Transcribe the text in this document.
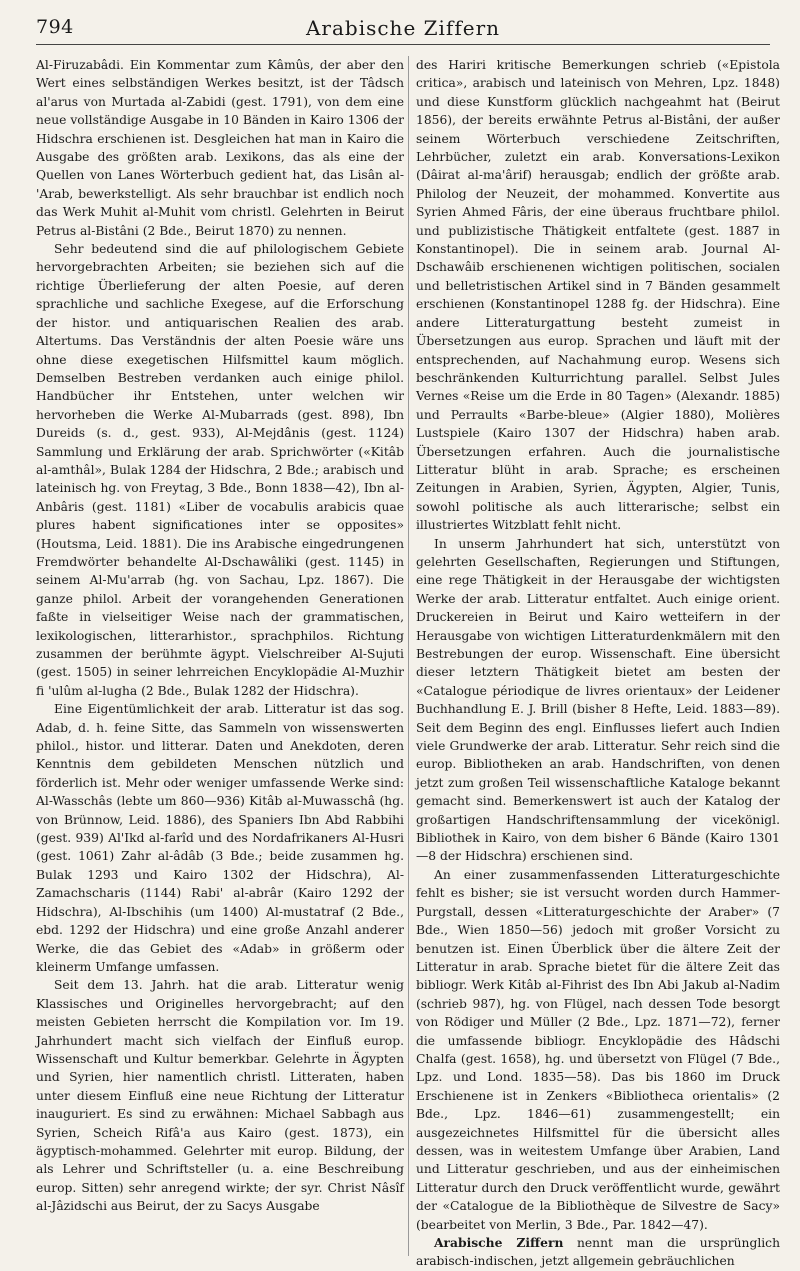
794	Arabische Ziffern

Al-Firuzabâdi. Ein Kommentar zum Kâmûs, der aber den Wert eines selbständigen Werkes besitzt, ist der Tâdsch al'arus von Murtada al-Zabidi (gest. 1791), von dem eine neue vollständige Ausgabe in 10 Bänden in Kairo 1306 der Hidschra erschienen ist. Desgleichen hat man in Kairo die Ausgabe des größten arab. Lexikons, das als eine der Quellen von Lanes Wörterbuch gedient hat, das Lisân al-'Arab, bewerkstelligt. Als sehr brauchbar ist endlich noch das Werk Muhit al-Muhit vom christl. Gelehrten in Beirut Petrus al-Bistâni (2 Bde., Beirut 1870) zu nennen.

Sehr bedeutend sind die auf philologischem Gebiete hervorgebrachten Arbeiten; sie beziehen sich auf die richtige Überlieferung der alten Poesie, auf deren sprachliche und sachliche Exegese, auf die Erforschung der histor. und antiquarischen Realien des arab. Altertums. Das Verständnis der alten Poesie wäre uns ohne diese exegetischen Hilfsmittel kaum möglich. Demselben Bestreben verdanken auch einige philol. Handbücher ihr Entstehen, unter welchen wir hervorheben die Werke Al-Mubarrads (gest. 898), Ibn Dureids (s. d., gest. 933), Al-Mejdânis (gest. 1124) Sammlung und Erklärung der arab. Sprichwörter («Kitâb al-amthâl», Bulak 1284 der Hidschra, 2 Bde.; arabisch und lateinisch hg. von Freytag, 3 Bde., Bonn 1838—42), Ibn al-Anbâris (gest. 1181) «Liber de vocabulis arabicis quae plures habent significationes inter se opposites» (Houtsma, Leid. 1881). Die ins Arabische eingedrungenen Fremdwörter behandelte Al-Dschawâliki (gest. 1145) in seinem Al-Mu'arrab (hg. von Sachau, Lpz. 1867). Die ganze philol. Arbeit der vorangehenden Generationen faßte in vielseitiger Weise nach der grammatischen, lexikologischen, litterarhistor., sprachphilos. Richtung zusammen der berühmte ägypt. Vielschreiber Al-Sujuti (gest. 1505) in seiner lehrreichen Encyklopädie Al-Muzhir fi 'ulûm al-lugha (2 Bde., Bulak 1282 der Hidschra).

Eine Eigentümlichkeit der arab. Litteratur ist das sog. Adab, d. h. feine Sitte, das Sammeln von wissenswerten philol., histor. und litterar. Daten und Anekdoten, deren Kenntnis dem gebildeten Menschen nützlich und förderlich ist. Mehr oder weniger umfassende Werke sind: Al-Wasschâs (lebte um 860—936) Kitâb al-Muwasschâ (hg. von Brünnow, Leid. 1886), des Spaniers Ibn Abd Rabbihi (gest. 939) Al'Ikd al-farîd und des Nordafrikaners Al-Husri (gest. 1061) Zahr al-âdâb (3 Bde.; beide zusammen hg. Bulak 1293 und Kairo 1302 der Hidschra), Al-Zamachscharis (1144) Rabi' al-abrâr (Kairo 1292 der Hidschra), Al-Ibschihis (um 1400) Al-mustatraf (2 Bde., ebd. 1292 der Hidschra) und eine große Anzahl anderer Werke, die das Gebiet des «Adab» in größerm oder kleinerm Umfange umfassen.

Seit dem 13. Jahrh. hat die arab. Litteratur wenig Klassisches und Originelles hervorgebracht; auf den meisten Gebieten herrscht die Kompilation vor. Im 19. Jahrhundert macht sich vielfach der Einfluß europ. Wissenschaft und Kultur bemerkbar. Gelehrte in Ägypten und Syrien, hier namentlich christl. Litteraten, haben unter diesem Einfluß eine neue Richtung der Litteratur inauguriert. Es sind zu erwähnen: Michael Sabbagh aus Syrien, Scheich Rifâ'a aus Kairo (gest. 1873), ein ägyptisch-mohammed. Gelehrter mit europ. Bildung, der als Lehrer und Schriftsteller (u. a. eine Beschreibung europ. Sitten) sehr anregend wirkte; der syr. Christ Nâsîf al-Jâzidschi aus Beirut, der zu Sacys Ausgabe

des Hariri kritische Bemerkungen schrieb («Epistola critica», arabisch und lateinisch von Mehren, Lpz. 1848) und diese Kunstform glücklich nachgeahmt hat (Beirut 1856), der bereits erwähnte Petrus al-Bistâni, der außer seinem Wörterbuch verschiedene Zeitschriften, Lehrbücher, zuletzt ein arab. Konversations-Lexikon (Dâirat al-ma'ârif) herausgab; endlich der größte arab. Philolog der Neuzeit, der mohammed. Konvertite aus Syrien Ahmed Fâris, der eine überaus fruchtbare philol. und publizistische Thätigkeit entfaltete (gest. 1887 in Konstantinopel). Die in seinem arab. Journal Al-Dschawâib erschienenen wichtigen politischen, socialen und belletristischen Artikel sind in 7 Bänden gesammelt erschienen (Konstantinopel 1288 fg. der Hidschra). Eine andere Litteraturgattung besteht zumeist in Übersetzungen aus europ. Sprachen und läuft mit der entsprechenden, auf Nachahmung europ. Wesens sich beschränkenden Kulturrichtung parallel. Selbst Jules Vernes «Reise um die Erde in 80 Tagen» (Alexandr. 1885) und Perraults «Barbe-bleue» (Algier 1880), Molières Lustspiele (Kairo 1307 der Hidschra) haben arab. Übersetzungen erfahren. Auch die journalistische Litteratur blüht in arab. Sprache; es erscheinen Zeitungen in Arabien, Syrien, Ägypten, Algier, Tunis, sowohl politische als auch litterarische; selbst ein illustriertes Witzblatt fehlt nicht.

In unserm Jahrhundert hat sich, unterstützt von gelehrten Gesellschaften, Regierungen und Stiftungen, eine rege Thätigkeit in der Herausgabe der wichtigsten Werke der arab. Litteratur entfaltet. Auch einige orient. Druckereien in Beirut und Kairo wetteifern in der Herausgabe von wichtigen Litteraturdenkmälern mit den Bestrebungen der europ. Wissenschaft. Eine übersicht dieser letztern Thätigkeit bietet am besten der «Catalogue périodique de livres orientaux» der Leidener Buchhandlung E. J. Brill (bisher 8 Hefte, Leid. 1883—89). Seit dem Beginn des engl. Einflusses liefert auch Indien viele Grundwerke der arab. Litteratur. Sehr reich sind die europ. Bibliotheken an arab. Handschriften, von denen jetzt zum großen Teil wissenschaftliche Kataloge bekannt gemacht sind. Bemerkenswert ist auch der Katalog der großartigen Handschriftensammlung der vicekönigl. Bibliothek in Kairo, von dem bisher 6 Bände (Kairo 1301—8 der Hidschra) erschienen sind.

An einer zusammenfassenden Litteraturgeschichte fehlt es bisher; sie ist versucht worden durch Hammer-Purgstall, dessen «Litteraturgeschichte der Araber» (7 Bde., Wien 1850—56) jedoch mit großer Vorsicht zu benutzen ist. Einen Überblick über die ältere Zeit der Litteratur in arab. Sprache bietet für die ältere Zeit das bibliogr. Werk Kitâb al-Fihrist des Ibn Abi Jakub al-Nadim (schrieb 987), hg. von Flügel, nach dessen Tode besorgt von Rödiger und Müller (2 Bde., Lpz. 1871—72), ferner die umfassende bibliogr. Encyklopädie des Hâdschi Chalfa (gest. 1658), hg. und übersetzt von Flügel (7 Bde., Lpz. und Lond. 1835—58). Das bis 1860 im Druck Erschienene ist in Zenkers «Bibliotheca orientalis» (2 Bde., Lpz. 1846—61) zusammengestellt; ein ausgezeichnetes Hilfsmittel für die übersicht alles dessen, was in weitestem Umfange über Arabien, Land und Litteratur geschrieben, und aus der einheimischen Litteratur durch den Druck veröffentlicht wurde, gewährt der «Catalogue de la Bibliothèque de Silvestre de Sacy» (bearbeitet von Merlin, 3 Bde., Par. 1842—47).

Arabische Ziffern nennt man die ursprünglich arabisch-indischen, jetzt allgemein gebräuchlichen
